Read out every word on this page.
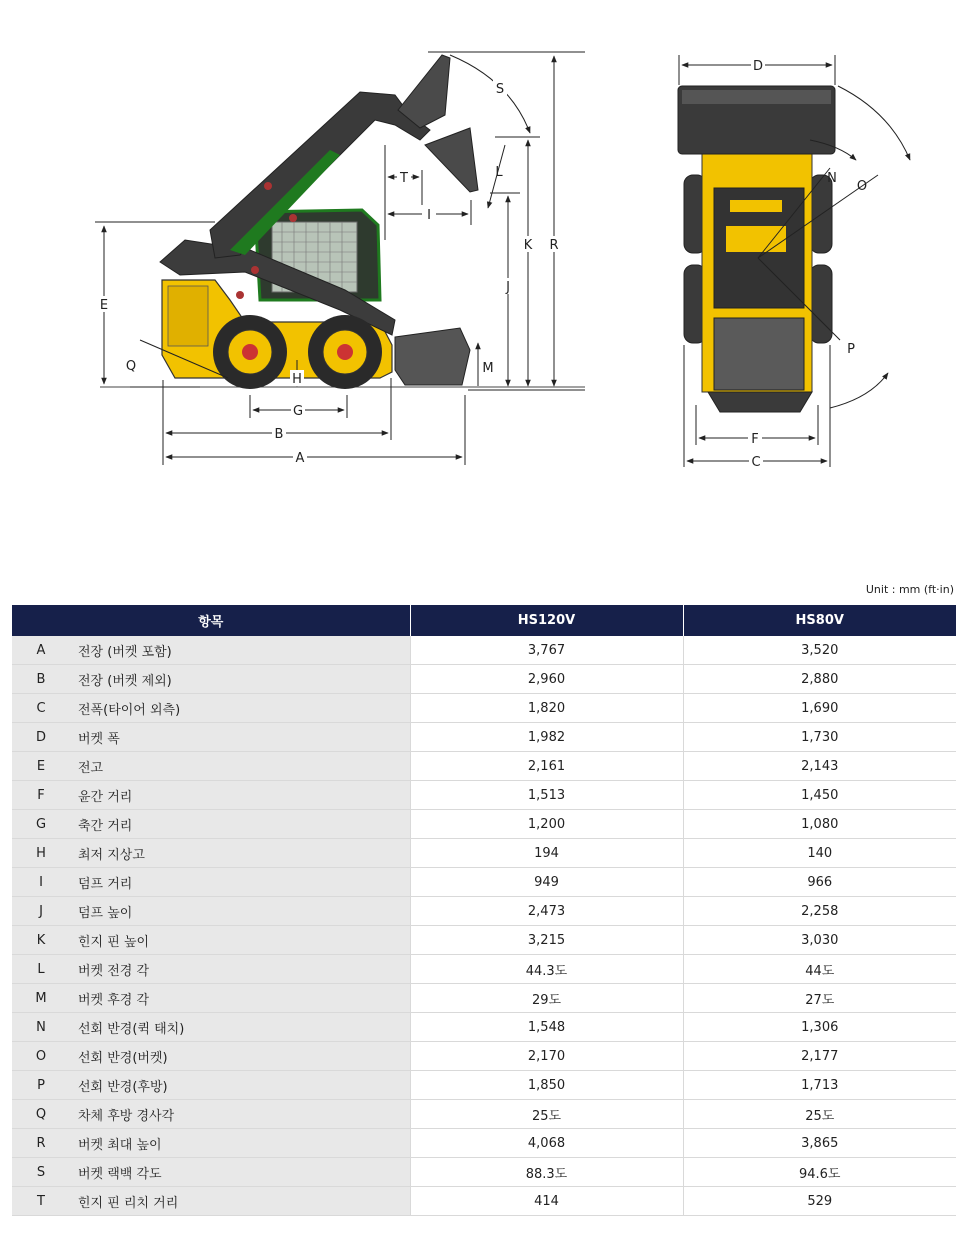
S
T	L
I
K R
J
E
Q	M
H
G
B
A
D
N
O
P
F
C
Unit : mm (ft·in)
항목		HS120V	HS80V
A	전장 (버켓 포함)	3,767	3,520
B	전장 (버켓 제외)	2,960	2,880
C	전폭(타이어 외측)	1,820	1,690
D	버켓 폭	1,982	1,730
E	전고	2,161	2,143
F	윤간 거리	1,513	1,450
G	축간 거리	1,200	1,080
H	최저 지상고	194	140
I	덤프 거리	949	966
J	덤프 높이	2,473	2,258
K	힌지 핀 높이	3,215	3,030
L	버켓 전경 각	44.3도	44도
M	버켓 후경 각	29도	27도
N	선회 반경(퀵 태치)	1,548	1,306
O	선회 반경(버켓)	2,170	2,177
P	선회 반경(후방)	1,850	1,713
Q	차체 후방 경사각	25도	25도
R	버켓 최대 높이	4,068	3,865
S	버켓 랙백 각도	88.3도	94.6도
T	힌지 핀 리치 거리	414	529
